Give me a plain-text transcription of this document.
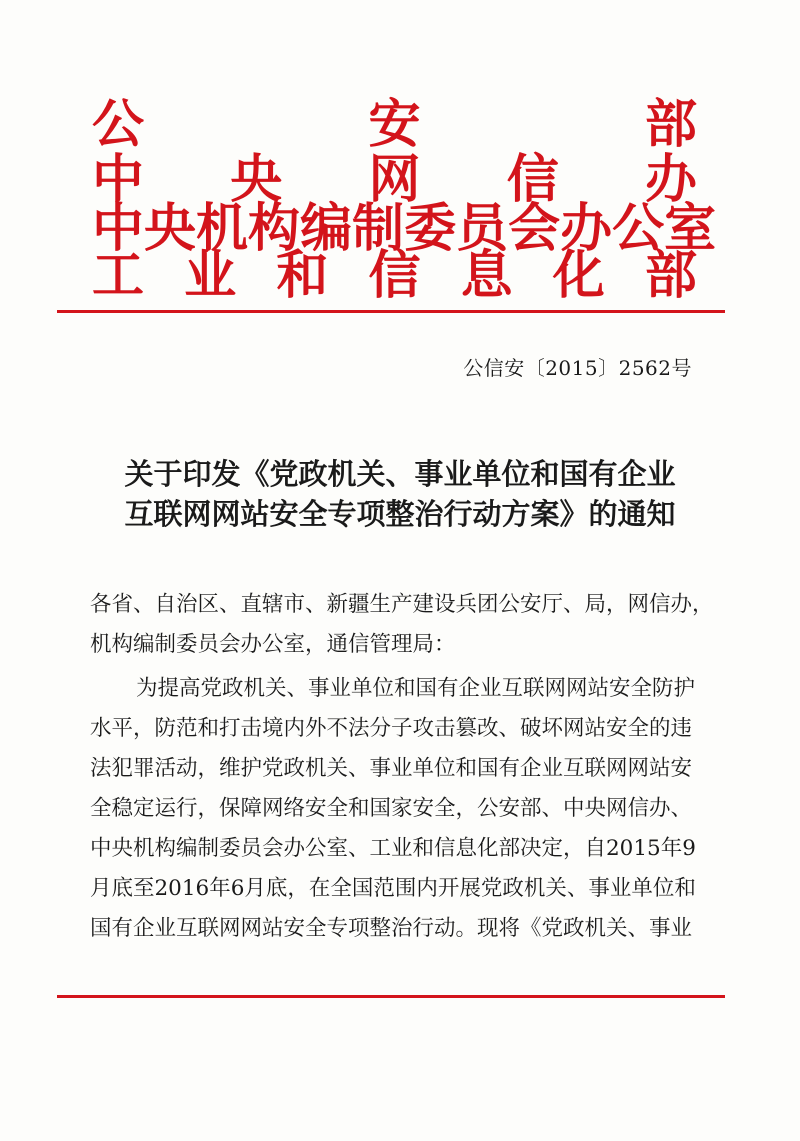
公	安	部
中 央 网 信 办
中 央 机 构 编 制 委 员 会 办 公 室
工 业 和 信 息 化 部
公信安〔2015〕2562号
关于印发《党政机关、事业单位和国有企业
互联网网站安全专项整治行动方案》的通知
各省、自治区、直辖市、新疆生产建设兵团公安厅、局，网信办，
机构编制委员会办公室，通信管理局：
为提高党政机关、事业单位和国有企业互联网网站安全防护
水平，防范和打击境内外不法分子攻击篡改、破坏网站安全的违
法犯罪活动，维护党政机关、事业单位和国有企业互联网网站安
全稳定运行，保障网络安全和国家安全，公安部、中央网信办、
中央机构编制委员会办公室、工业和信息化部决定，自2015年9
月底至2016年6月底，在全国范围内开展党政机关、事业单位和
国有企业互联网网站安全专项整治行动。现将《党政机关、事业
